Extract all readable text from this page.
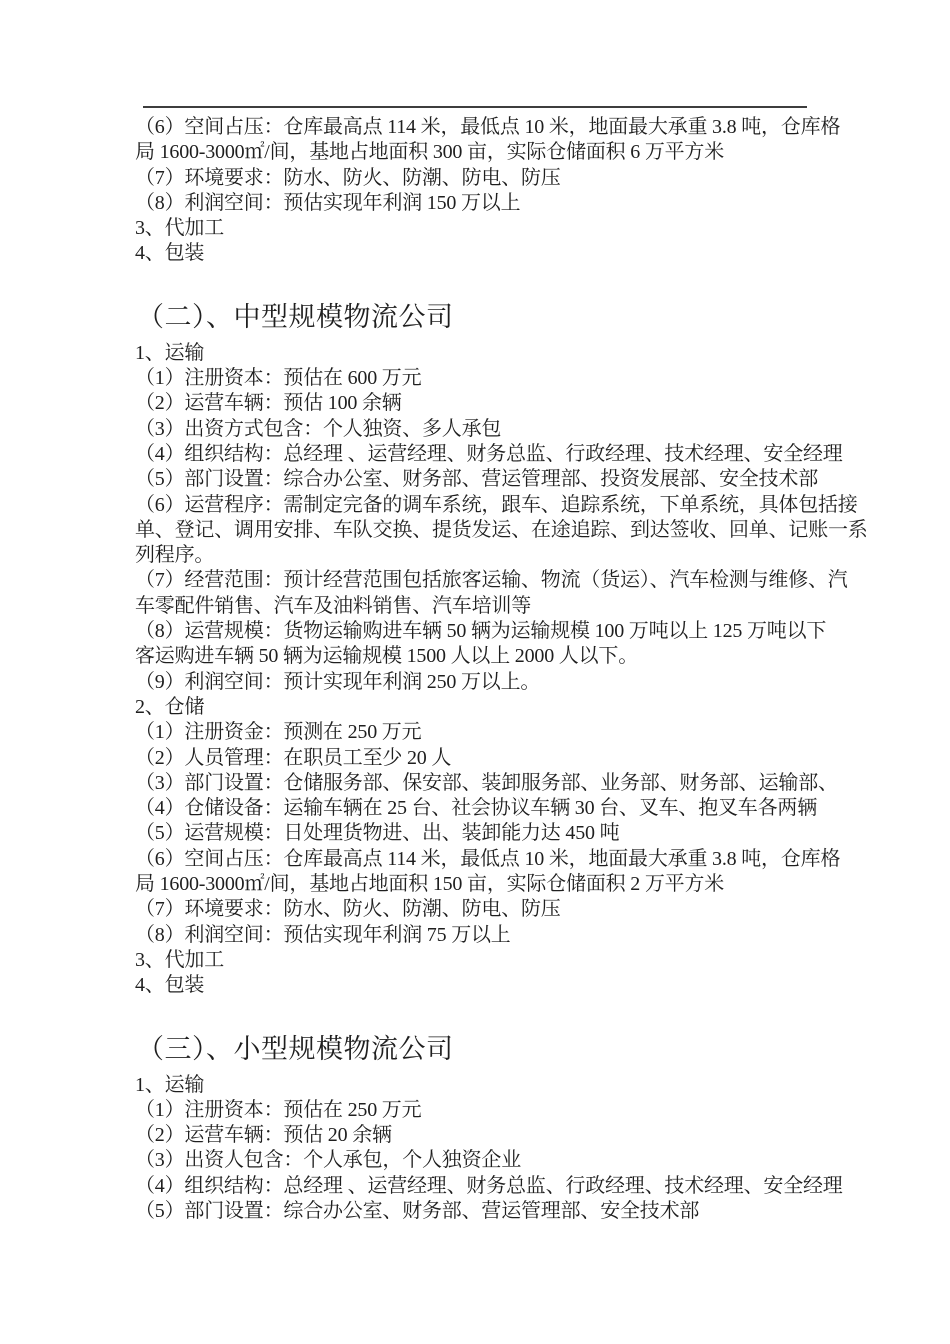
（6）空间占压：仓库最高点 114 米，最低点 10 米，地面最大承重 3.8 吨，仓库格
局 1600-3000㎡/间，基地占地面积 300 亩，实际仓储面积 6 万平方米
（7）环境要求：防水、防火、防潮、防电、防压
（8）利润空间：预估实现年利润 150 万以上
3、代加工
4、包装
（二）、中型规模物流公司
1、运输
（1）注册资本：预估在 600 万元
（2）运营车辆：预估 100 余辆
（3）出资方式包含：个人独资、多人承包
（4）组织结构：总经理 、运营经理、财务总监、行政经理、技术经理、安全经理
（5）部门设置：综合办公室、财务部、营运管理部、投资发展部、安全技术部
（6）运营程序：需制定完备的调车系统，跟车、追踪系统，下单系统，具体包括接
单、登记、调用安排、车队交换、提货发运、在途追踪、到达签收、回单、记账一系
列程序。
（7）经营范围：预计经营范围包括旅客运输、物流（货运）、汽车检测与维修、汽
车零配件销售、汽车及油料销售、汽车培训等
（8）运营规模：货物运输购进车辆 50 辆为运输规模 100 万吨以上 125 万吨以下
客运购进车辆 50 辆为运输规模 1500 人以上 2000 人以下。
（9）利润空间：预计实现年利润 250 万以上。
2、仓储
（1）注册资金：预测在 250 万元
（2）人员管理：在职员工至少 20 人
（3）部门设置：仓储服务部、保安部、装卸服务部、业务部、财务部、运输部、
（4）仓储设备：运输车辆在 25 台、社会协议车辆 30 台、叉车、抱叉车各两辆
（5）运营规模：日处理货物进、出、装卸能力达 450 吨
（6）空间占压：仓库最高点 114 米，最低点 10 米，地面最大承重 3.8 吨，仓库格
局 1600-3000㎡/间，基地占地面积 150 亩，实际仓储面积 2 万平方米
（7）环境要求：防水、防火、防潮、防电、防压
（8）利润空间：预估实现年利润 75 万以上
3、代加工
4、包装
（三）、小型规模物流公司
1、运输
（1）注册资本：预估在 250 万元
（2）运营车辆：预估 20 余辆
（3）出资人包含：个人承包，个人独资企业
（4）组织结构：总经理 、运营经理、财务总监、行政经理、技术经理、安全经理
（5）部门设置：综合办公室、财务部、营运管理部、安全技术部
